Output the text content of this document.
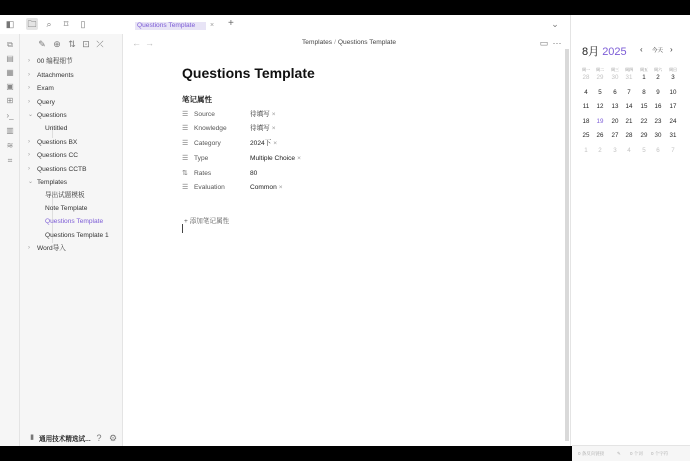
◧ 🗀	⌕	⌑	▯	⌄
Questions Template	× +
⧉
▤
▦
▣
⊞
›_
▥
≋
⌗
✎ ⊕ ⇅ ⊡ ⤫
›	00 编程细节
›	Attachments
›	Exam
›	Query
⌄ Questions
Untitled
›	Questions BX
›	Questions CC
›	Questions CCTB
⌄ Templates
导出试题模板
Note Template
Questions Template
Questions Template 1
›	Word导入
▮ 通用技术精选试... ? ⚙
← →	Templates / Questions Template	▭ ⋯
Questions Template
笔记属性
☰ Source	待填写 ×
☰ Knowledge	待填写 ×
☰ Category	2024下 ×
☰ Type	Multiple Choice ×
⇅ Rates	80
☰ Evaluation	Common ×
+ 添加笔记属性
8月 2025 ‹ 今天 ›
周一	周二	周三	周四	周五	周六	周日
28	29	30	31	1	2	3
4	5	6	7	8	9	10
11	12	13	14	15	16	17
18	19	20	21	22	23	24
25	26	27	28	29	30	31
1	2	3	4	5	6	7
0 条反向链接	✎ 0 个词 0 个字符
